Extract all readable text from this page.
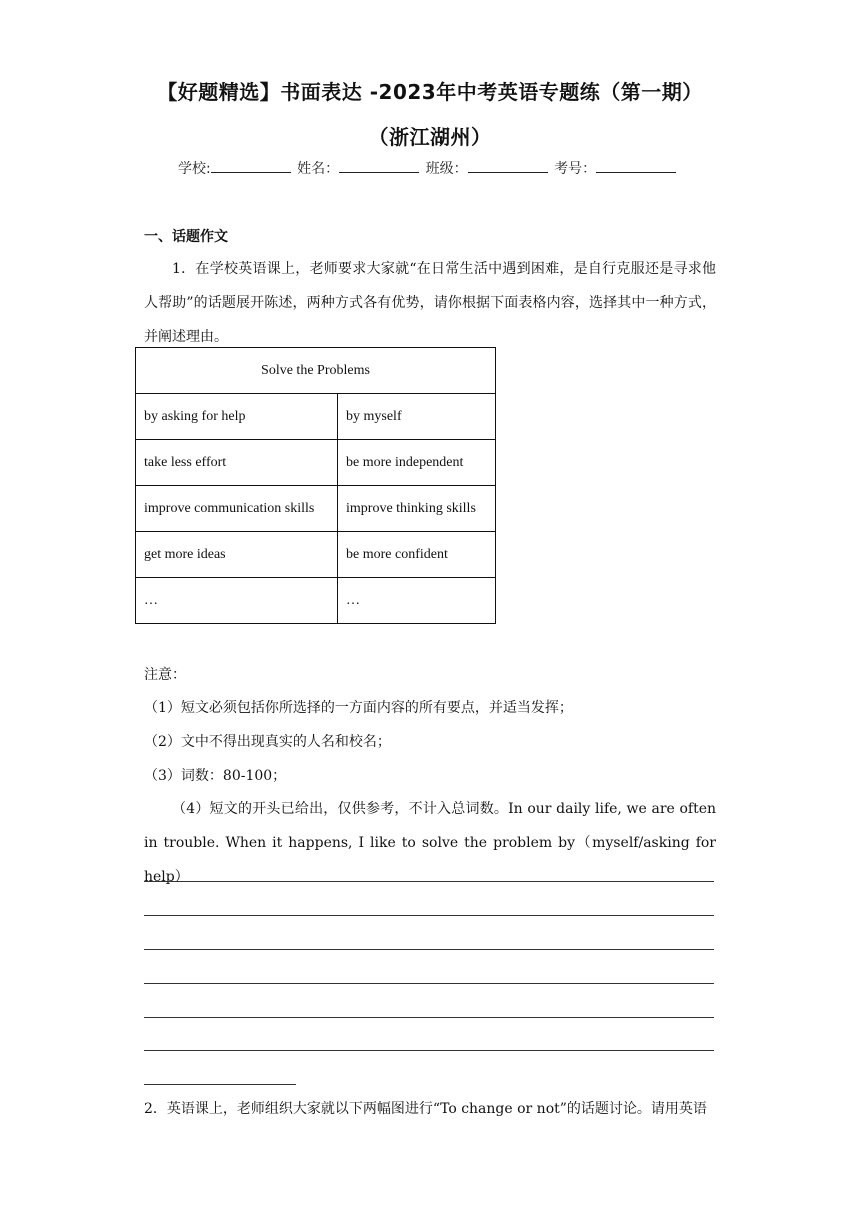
【好题精选】书面表达 -2023年中考英语专题练（第一期）
（浙江湖州）
学校:	姓名：	班级：	考号：
一、话题作文
1．在学校英语课上，老师要求大家就“在日常生活中遇到困难，是自行克服还是寻求他人帮助”的话题展开陈述，两种方式各有优势，请你根据下面表格内容，选择其中一种方式，并阐述理由。
Solve the Problems	
by asking for help	by myself
take less effort	be more independent
improve communication skills	improve thinking skills
get more ideas	be more confident
…	…
注意：
（1）短文必须包括你所选择的一方面内容的所有要点，并适当发挥；
（2）文中不得出现真实的人名和校名；
（3）词数：80-100；
（4）短文的开头已给出，仅供参考，不计入总词数。In our daily life, we are often in trouble. When it happens, I like to solve the problem by（myself/asking for help）
2．英语课上，老师组织大家就以下两幅图进行“To change or not”的话题讨论。请用英语
